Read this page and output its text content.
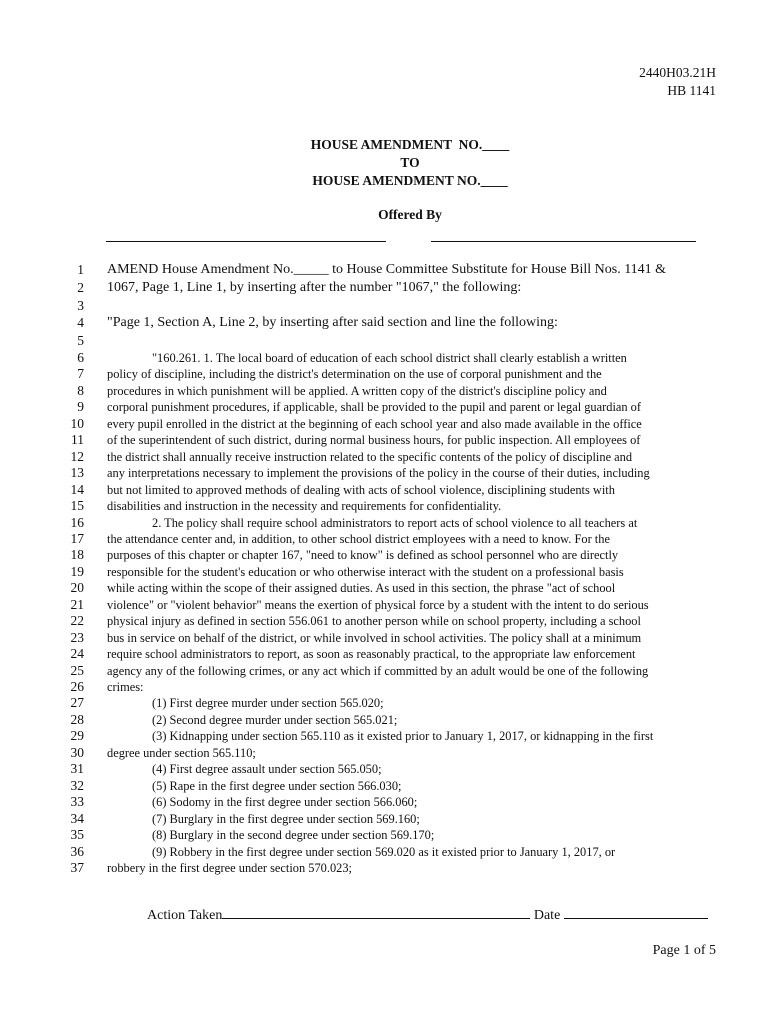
2440H03.21H
HB 1141
HOUSE AMENDMENT  NO.____
TO
HOUSE AMENDMENT NO.____
Offered By
1 AMEND House Amendment No._____ to House Committee Substitute for House Bill Nos. 1141 &
2 1067, Page 1, Line 1, by inserting after the number "1067," the following:
3
4 "Page 1, Section A, Line 2, by inserting after said section and line the following:
5
6	"160.261. 1. The local board of education of each school district shall clearly establish a written
7 policy of discipline, including the district's determination on the use of corporal punishment and the
8 procedures in which punishment will be applied. A written copy of the district's discipline policy and
9 corporal punishment procedures, if applicable, shall be provided to the pupil and parent or legal guardian of
10 every pupil enrolled in the district at the beginning of each school year and also made available in the office
11 of the superintendent of such district, during normal business hours, for public inspection. All employees of
12 the district shall annually receive instruction related to the specific contents of the policy of discipline and
13 any interpretations necessary to implement the provisions of the policy in the course of their duties, including
14 but not limited to approved methods of dealing with acts of school violence, disciplining students with
15 disabilities and instruction in the necessity and requirements for confidentiality.
16	2. The policy shall require school administrators to report acts of school violence to all teachers at
17 the attendance center and, in addition, to other school district employees with a need to know. For the
18 purposes of this chapter or chapter 167, "need to know" is defined as school personnel who are directly
19 responsible for the student's education or who otherwise interact with the student on a professional basis
20 while acting within the scope of their assigned duties. As used in this section, the phrase "act of school
21 violence" or "violent behavior" means the exertion of physical force by a student with the intent to do serious
22 physical injury as defined in section 556.061 to another person while on school property, including a school
23 bus in service on behalf of the district, or while involved in school activities. The policy shall at a minimum
24 require school administrators to report, as soon as reasonably practical, to the appropriate law enforcement
25 agency any of the following crimes, or any act which if committed by an adult would be one of the following
26 crimes:
27	(1) First degree murder under section 565.020;
28	(2) Second degree murder under section 565.021;
29	(3) Kidnapping under section 565.110 as it existed prior to January 1, 2017, or kidnapping in the first
30 degree under section 565.110;
31	(4) First degree assault under section 565.050;
32	(5) Rape in the first degree under section 566.030;
33	(6) Sodomy in the first degree under section 566.060;
34	(7) Burglary in the first degree under section 569.160;
35	(8) Burglary in the second degree under section 569.170;
36	(9) Robbery in the first degree under section 569.020 as it existed prior to January 1, 2017, or
37 robbery in the first degree under section 570.023;
Action Taken	Date
Page 1 of 5
